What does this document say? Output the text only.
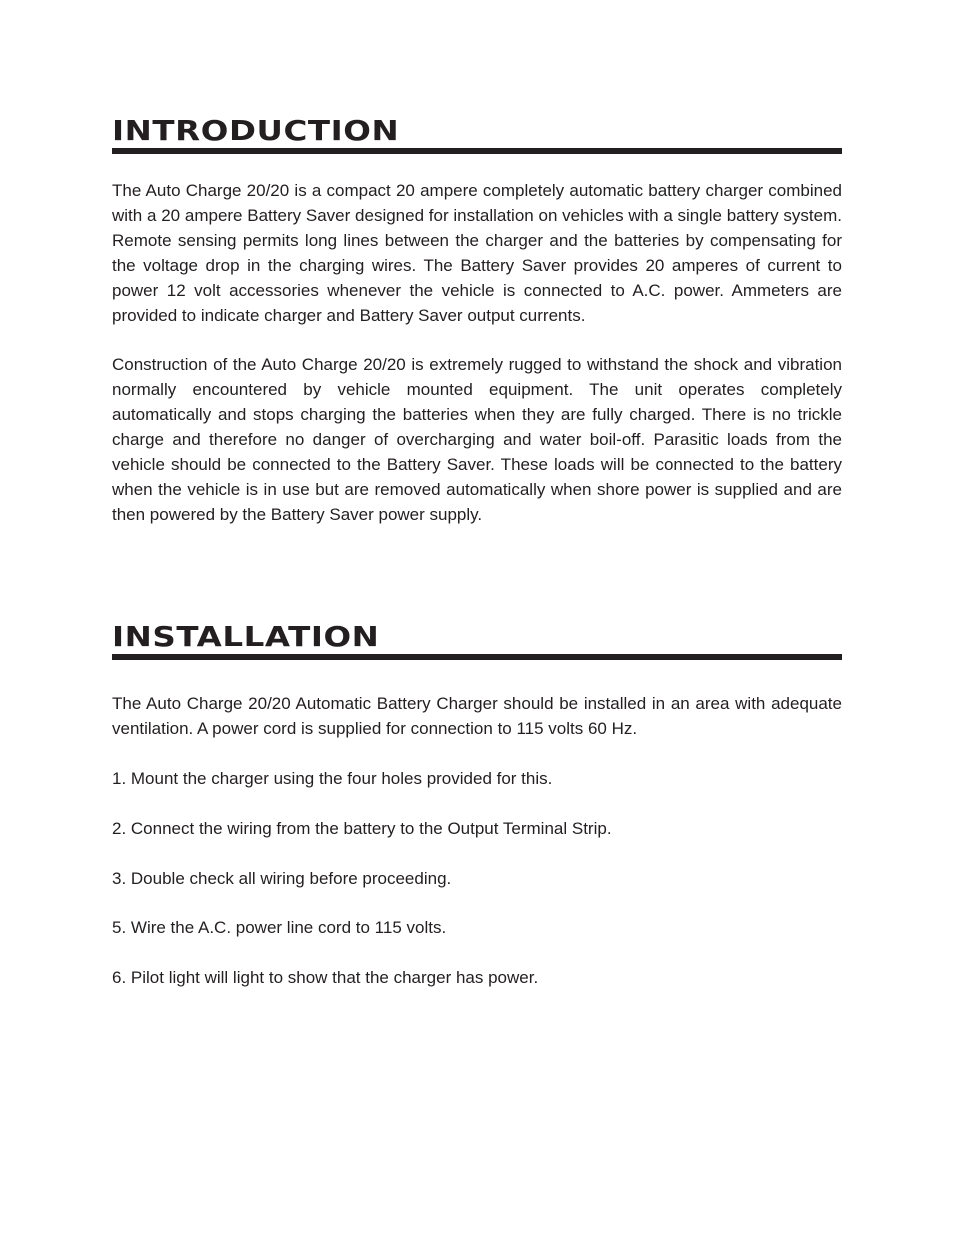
INTRODUCTION

The Auto Charge 20/20 is a compact 20 ampere completely automatic battery charger combined with a 20 ampere Battery Saver designed for installation on vehicles with a single battery system. Remote sensing permits long lines between the charger and the batteries by compensating for the voltage drop in the charging wires. The Battery Saver provides 20 amperes of current to power 12 volt accessories whenever the vehicle is connected to A.C. power. Ammeters are provided to indicate charger and Battery Saver output currents.

Construction of the Auto Charge 20/20 is extremely rugged to withstand the shock and vibration normally encountered by vehicle mounted equipment. The unit operates completely automatically and stops charging the batteries when they are fully charged. There is no trickle charge and therefore no danger of overcharging and water boil-off. Parasitic loads from the vehicle should be connected to the Battery Saver. These loads will be connected to the battery when the vehicle is in use but are removed automatically when shore power is supplied and are then powered by the Battery Saver power supply.

INSTALLATION

The Auto Charge 20/20 Automatic Battery Charger should be installed in an area with adequate ventilation. A power cord is supplied for connection to 115 volts 60 Hz.

1. Mount the charger using the four holes provided for this.

2. Connect the wiring from the battery to the Output Terminal Strip.

3. Double check all wiring before proceeding.

5. Wire the A.C. power line cord to 115 volts.

6. Pilot light will light to show that the charger has power.
